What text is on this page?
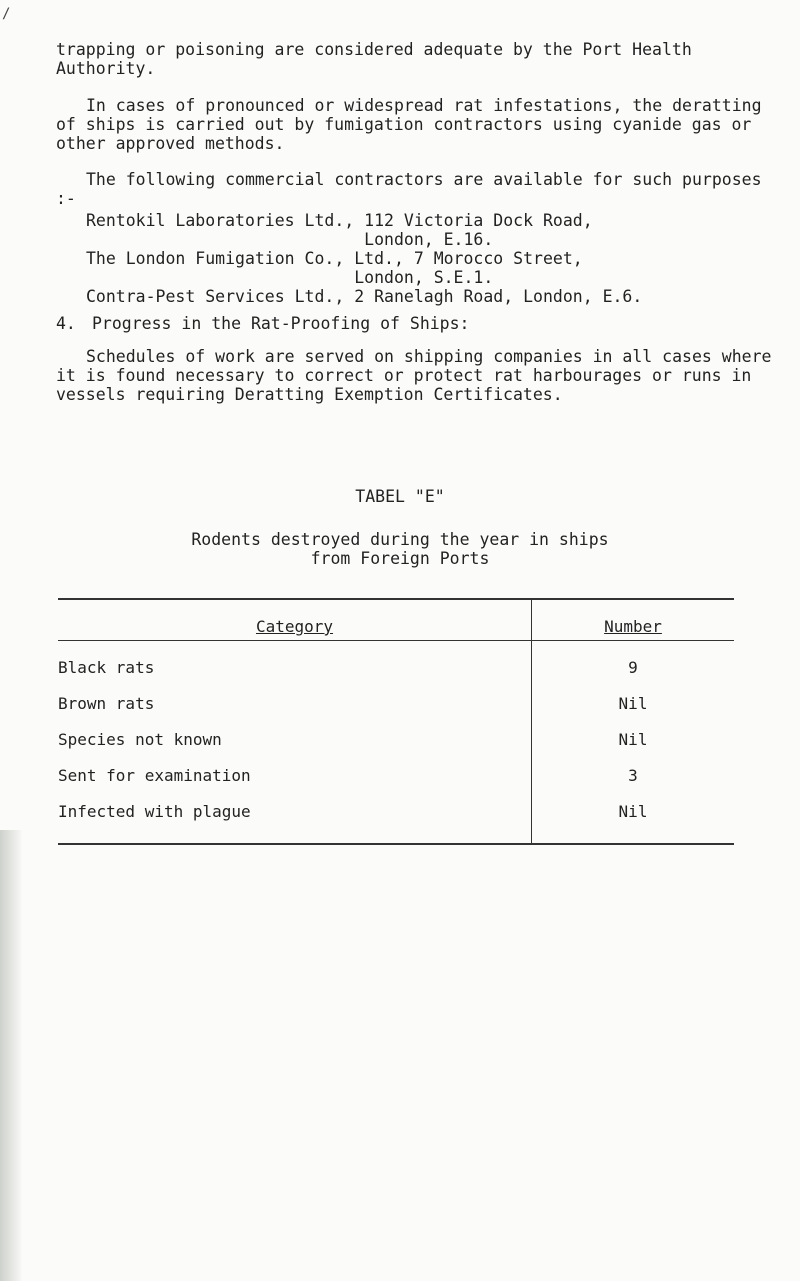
/

trapping or poisoning are considered adequate by the Port Health Authority.

In cases of pronounced or widespread rat infestations, the deratting of ships is carried out by fumigation contractors using cyanide gas or other approved methods.

The following commercial contractors are available for such purposes :-

Rentokil Laboratories Ltd., 112 Victoria Dock Road,
London, E.16.
The London Fumigation Co., Ltd., 7 Morocco Street,
London, S.E.1.
Contra-Pest Services Ltd., 2 Ranelagh Road, London, E.6.
4. Progress in the Rat-Proofing of Ships:

Schedules of work are served on shipping companies in all cases where it is found necessary to correct or protect rat harbourages or runs in vessels requiring Deratting Exemption Certificates.

TABEL "E"
Rodents destroyed during the year in ships
from Foreign Ports
Category	Number
Black rats	9
Brown rats	Nil
Species not known	Nil
Sent for examination	3
Infected with plague	Nil
